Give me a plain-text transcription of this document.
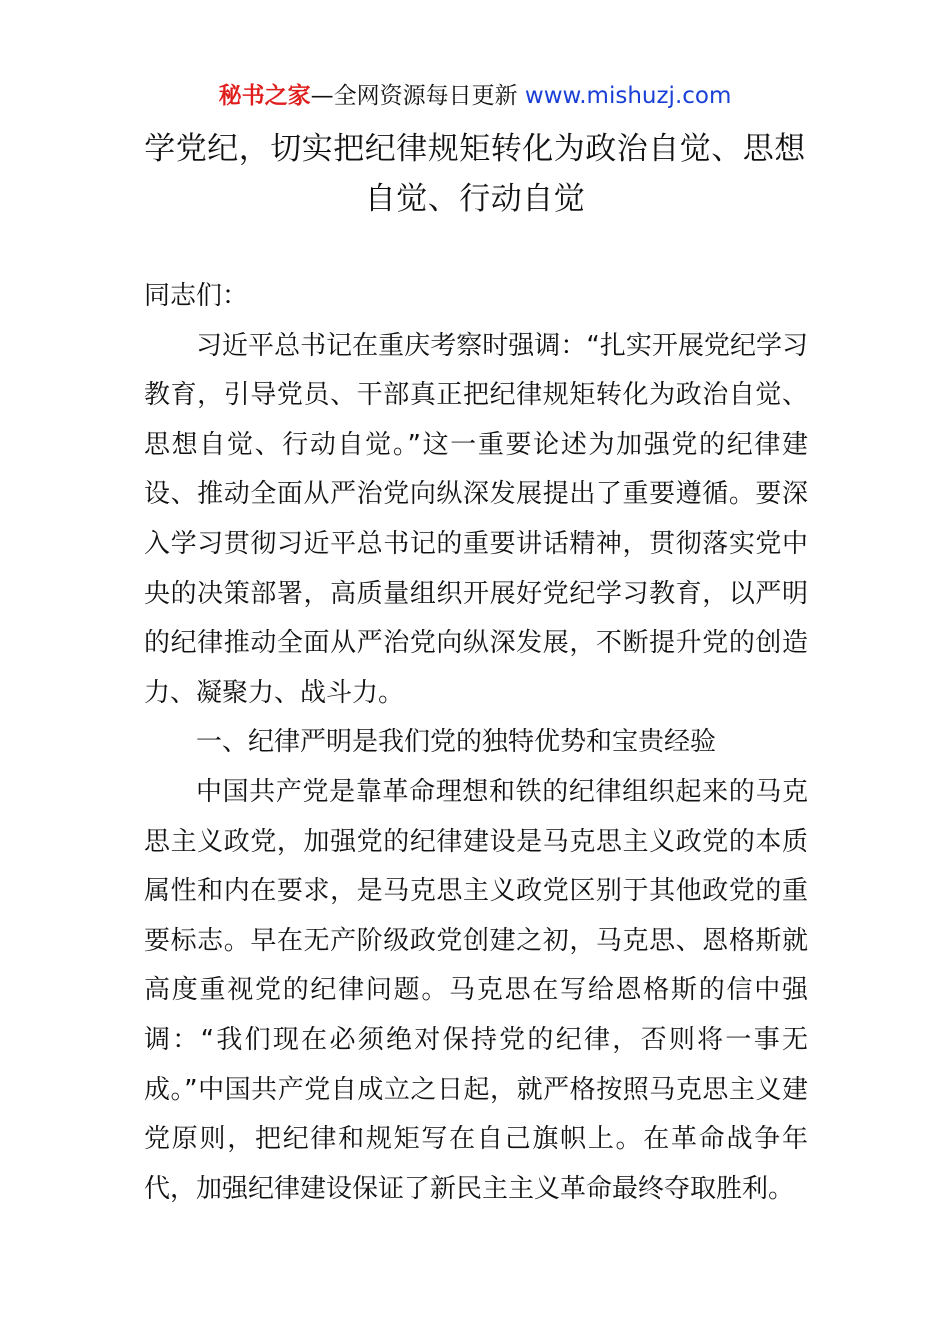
秘书之家—全网资源每日更新 www.mishuzj.com
学党纪，切实把纪律规矩转化为政治自觉、思想自觉、行动自觉

同志们：

习近平总书记在重庆考察时强调：“扎实开展党纪学习教育，引导党员、干部真正把纪律规矩转化为政治自觉、思想自觉、行动自觉。”这一重要论述为加强党的纪律建设、推动全面从严治党向纵深发展提出了重要遵循。要深入学习贯彻习近平总书记的重要讲话精神，贯彻落实党中央的决策部署，高质量组织开展好党纪学习教育，以严明的纪律推动全面从严治党向纵深发展，不断提升党的创造力、凝聚力、战斗力。

一、纪律严明是我们党的独特优势和宝贵经验

中国共产党是靠革命理想和铁的纪律组织起来的马克思主义政党，加强党的纪律建设是马克思主义政党的本质属性和内在要求，是马克思主义政党区别于其他政党的重要标志。早在无产阶级政党创建之初，马克思、恩格斯就高度重视党的纪律问题。马克思在写给恩格斯的信中强调：“我们现在必须绝对保持党的纪律，否则将一事无成。”中国共产党自成立之日起，就严格按照马克思主义建党原则，把纪律和规矩写在自己旗帜上。在革命战争年代，加强纪律建设保证了新民主主义革命最终夺取胜利。
